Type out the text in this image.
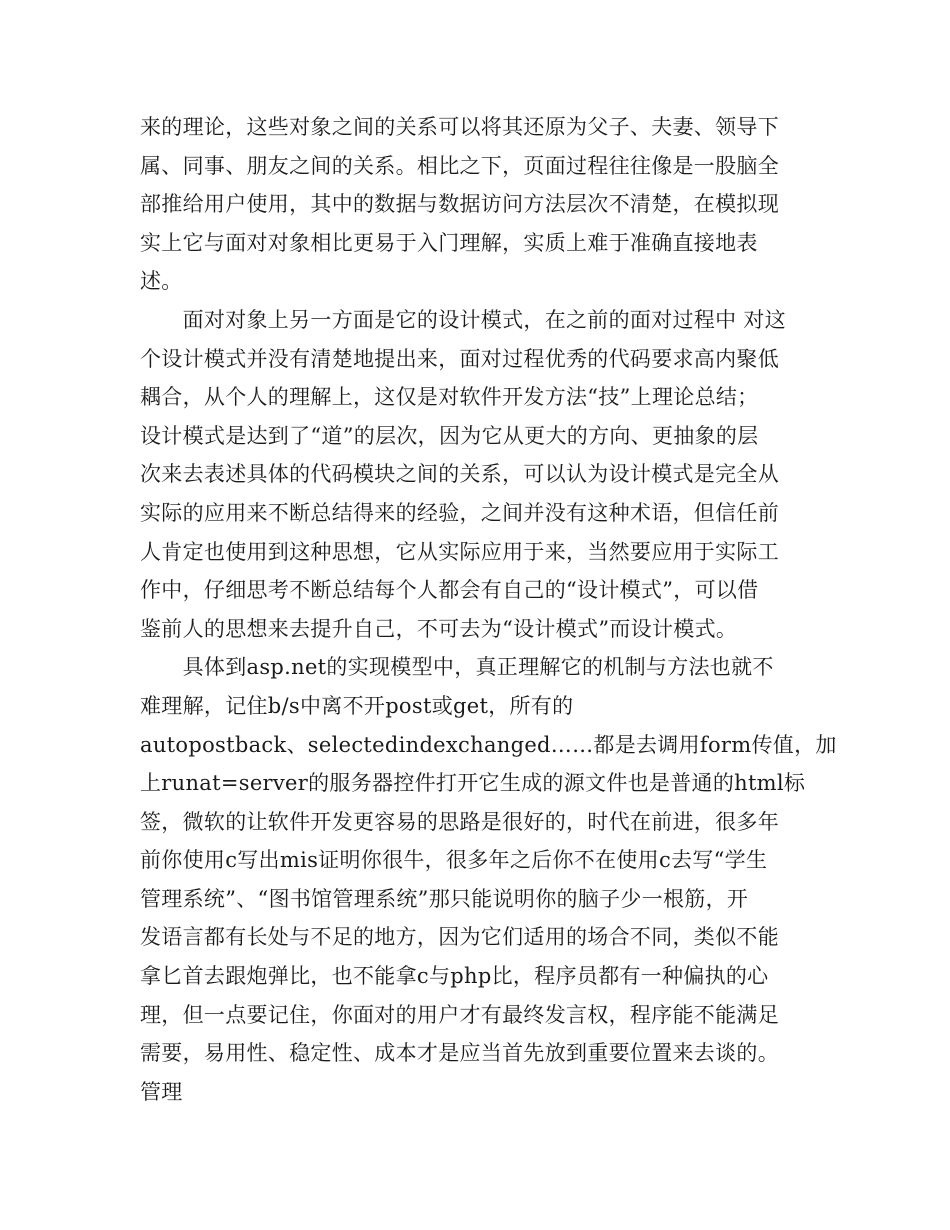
来的理论，这些对象之间的关系可以将其还原为父子、夫妻、领导下
属、同事、朋友之间的关系。相比之下，页面过程往往像是一股脑全
部推给用户使用，其中的数据与数据访问方法层次不清楚，在模拟现
实上它与面对对象相比更易于入门理解，实质上难于准确直接地表
述。
　　面对对象上另一方面是它的设计模式，在之前的面对过程中 对这
个设计模式并没有清楚地提出来，面对过程优秀的代码要求高内聚低
耦合，从个人的理解上，这仅是对软件开发方法“技”上理论总结；
设计模式是达到了“道”的层次，因为它从更大的方向、更抽象的层
次来去表述具体的代码模块之间的关系，可以认为设计模式是完全从
实际的应用来不断总结得来的经验，之间并没有这种术语，但信任前
人肯定也使用到这种思想，它从实际应用于来，当然要应用于实际工
作中，仔细思考不断总结每个人都会有自己的“设计模式”，可以借
鉴前人的思想来去提升自己，不可去为“设计模式”而设计模式。
　　具体到asp.net的实现模型中，真正理解它的机制与方法也就不
难理解，记住b/s中离不开post或get，所有的
autopostback、selectedindexchanged……都是去调用form传值，加
上runat=server的服务器控件打开它生成的源文件也是普通的html标
签，微软的让软件开发更容易的思路是很好的，时代在前进，很多年
前你使用c写出mis证明你很牛，很多年之后你不在使用c去写“学生
管理系统”、“图书馆管理系统”那只能说明你的脑子少一根筋，开
发语言都有长处与不足的地方，因为它们适用的场合不同，类似不能
拿匕首去跟炮弹比，也不能拿c与php比，程序员都有一种偏执的心
理，但一点要记住，你面对的用户才有最终发言权，程序能不能满足
需要，易用性、稳定性、成本才是应当首先放到重要位置来去谈的。
管理
